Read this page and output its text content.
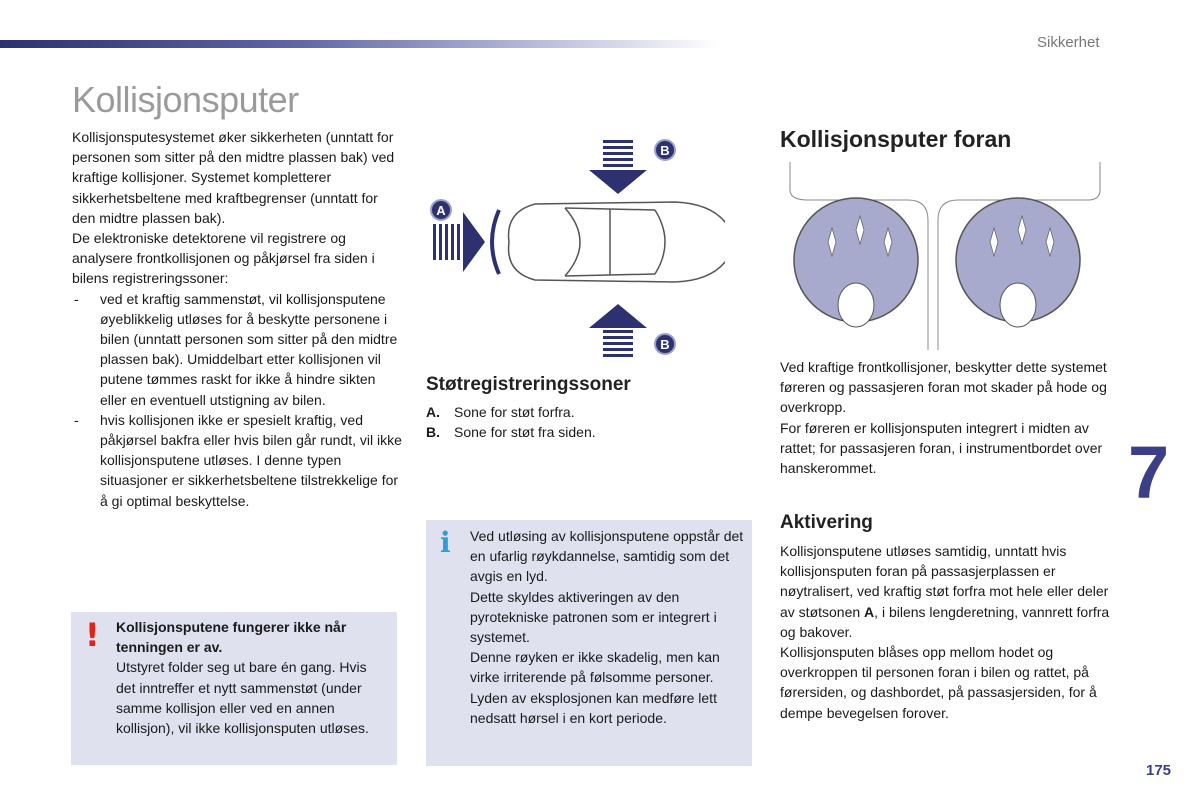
Sikkerhet
Kollisjonsputer

Kollisjonsputesystemet øker sikkerheten (unntatt for personen som sitter på den midtre plassen bak) ved kraftige kollisjoner. Systemet kompletterer sikkerhetsbeltene med kraftbegrenser (unntatt for den midtre plassen bak).

De elektroniske detektorene vil registrere og analysere frontkollisjonen og påkjørsel fra siden i bilens registreringssoner:

- ved et kraftig sammenstøt, vil kollisjonsputene øyeblikkelig utløses for å beskytte personene i bilen (unntatt personen som sitter på den midtre plassen bak). Umiddelbart etter kollisjonen vil putene tømmes raskt for ikke å hindre sikten eller en eventuell utstigning av bilen.
- hvis kollisjonen ikke er spesielt kraftig, ved påkjørsel bakfra eller hvis bilen går rundt, vil ikke kollisjonsputene utløses. I denne typen situasjoner er sikkerhetsbeltene tilstrekkelige for å gi optimal beskyttelse.
! Kollisjonsputene fungerer ikke når tenningen er av.
Utstyret folder seg ut bare én gang. Hvis det inntreffer et nytt sammenstøt (under samme kollisjon eller ved en annen kollisjon), vil ikke kollisjonsputen utløses.
A
B
B
Støtregistreringssoner
A. Sone for støt forfra.
B. Sone for støt fra siden.
i Ved utløsing av kollisjonsputene oppstår det en ufarlig røykdannelse, samtidig som det avgis en lyd.

Dette skyldes aktiveringen av den pyrotekniske patronen som er integrert i systemet.

Denne røyken er ikke skadelig, men kan virke irriterende på følsomme personer. Lyden av eksplosjonen kan medføre lett nedsatt hørsel i en kort periode.

Kollisjonsputer foran

Ved kraftige frontkollisjoner, beskytter dette systemet føreren og passasjeren foran mot skader på hode og overkropp.

For føreren er kollisjonsputen integrert i midten av rattet; for passasjeren foran, i instrumentbordet over hanskerommet.

Aktivering

Kollisjonsputene utløses samtidig, unntatt hvis kollisjonsputen foran på passasjerplassen er nøytralisert, ved kraftig støt forfra mot hele eller deler av støtsonen A, i bilens lengderetning, vannrett forfra og bakover.

Kollisjonsputen blåses opp mellom hodet og overkroppen til personen foran i bilen og rattet, på førersiden, og dashbordet, på passasjersiden, for å dempe bevegelsen forover.

7
175
